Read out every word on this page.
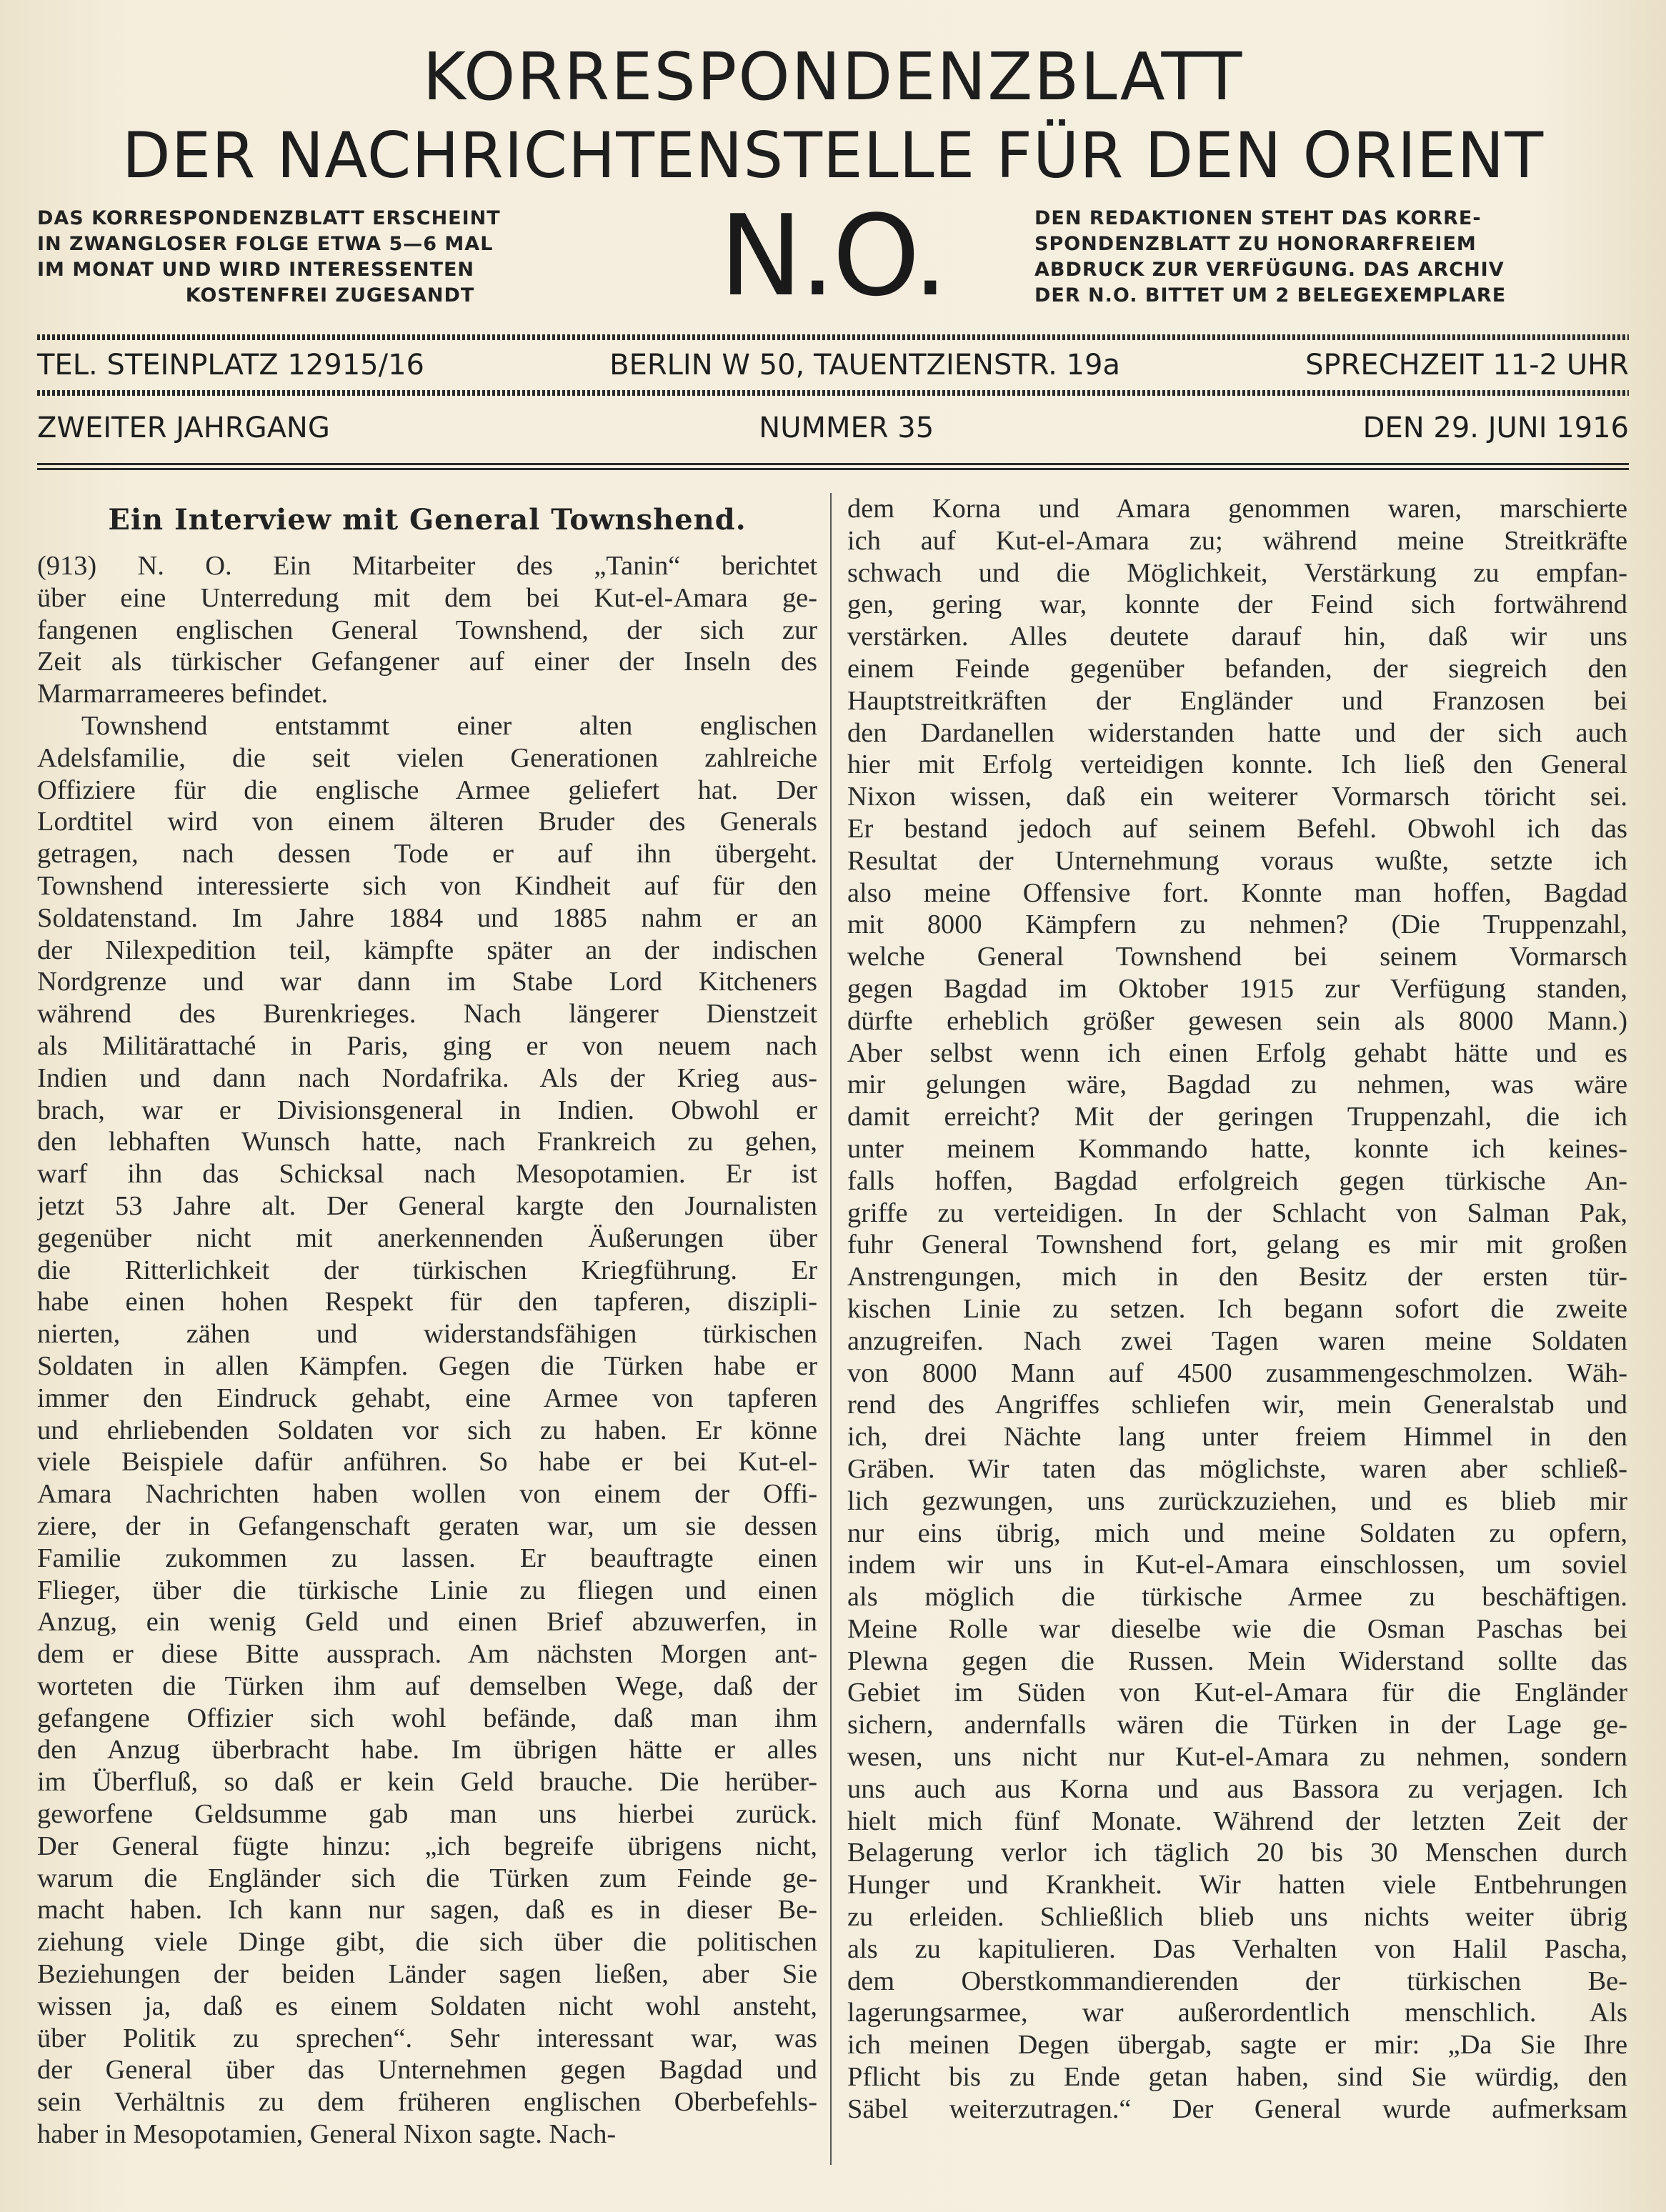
KORRESPONDENZBLATT
DER NACHRICHTENSTELLE FÜR DEN ORIENT
DAS KORRESPONDENZBLATT ERSCHEINT
IN ZWANGLOSER FOLGE ETWA 5—6 MAL
IM MONAT UND WIRD INTERESSENTEN
KOSTENFREI ZUGESANDT	N.O.	DEN REDAKTIONEN STEHT DAS KORRE-
SPONDENZBLATT ZU HONORARFREIEM
ABDRUCK ZUR VERFÜGUNG. DAS ARCHIV
DER N.O. BITTET UM 2 BELEGEXEMPLARE
TEL. STEINPLATZ 12915/16	BERLIN W 50, TAUENTZIENSTR. 19a	SPRECHZEIT 11-2 UHR
ZWEITER JAHRGANG	NUMMER 35	DEN 29. JUNI 1916
Ein Interview mit General Townshend.
(913) N. O. Ein Mitarbeiter des „Tanin“ berichtet
über eine Unterredung mit dem bei Kut-el-Amara ge-
fangenen englischen General Townshend, der sich zur
Zeit als türkischer Gefangener auf einer der Inseln des
Marmarrameeres befindet.
Townshend entstammt einer alten englischen
Adelsfamilie, die seit vielen Generationen zahlreiche
Offiziere für die englische Armee geliefert hat. Der
Lordtitel wird von einem älteren Bruder des Generals
getragen, nach dessen Tode er auf ihn übergeht.
Townshend interessierte sich von Kindheit auf für den
Soldatenstand. Im Jahre 1884 und 1885 nahm er an
der Nilexpedition teil, kämpfte später an der indischen
Nordgrenze und war dann im Stabe Lord Kitcheners
während des Burenkrieges. Nach längerer Dienstzeit
als Militärattaché in Paris, ging er von neuem nach
Indien und dann nach Nordafrika. Als der Krieg aus-
brach, war er Divisionsgeneral in Indien. Obwohl er
den lebhaften Wunsch hatte, nach Frankreich zu gehen,
warf ihn das Schicksal nach Mesopotamien. Er ist
jetzt 53 Jahre alt. Der General kargte den Journalisten
gegenüber nicht mit anerkennenden Äußerungen über
die Ritterlichkeit der türkischen Kriegführung. Er
habe einen hohen Respekt für den tapferen, diszipli-
nierten, zähen und widerstandsfähigen türkischen
Soldaten in allen Kämpfen. Gegen die Türken habe er
immer den Eindruck gehabt, eine Armee von tapferen
und ehrliebenden Soldaten vor sich zu haben. Er könne
viele Beispiele dafür anführen. So habe er bei Kut-el-
Amara Nachrichten haben wollen von einem der Offi-
ziere, der in Gefangenschaft geraten war, um sie dessen
Familie zukommen zu lassen. Er beauftragte einen
Flieger, über die türkische Linie zu fliegen und einen
Anzug, ein wenig Geld und einen Brief abzuwerfen, in
dem er diese Bitte aussprach. Am nächsten Morgen ant-
worteten die Türken ihm auf demselben Wege, daß der
gefangene Offizier sich wohl befände, daß man ihm
den Anzug überbracht habe. Im übrigen hätte er alles
im Überfluß, so daß er kein Geld brauche. Die herüber-
geworfene Geldsumme gab man uns hierbei zurück.
Der General fügte hinzu: „ich begreife übrigens nicht,
warum die Engländer sich die Türken zum Feinde ge-
macht haben. Ich kann nur sagen, daß es in dieser Be-
ziehung viele Dinge gibt, die sich über die politischen
Beziehungen der beiden Länder sagen ließen, aber Sie
wissen ja, daß es einem Soldaten nicht wohl ansteht,
über Politik zu sprechen“. Sehr interessant war, was
der General über das Unternehmen gegen Bagdad und
sein Verhältnis zu dem früheren englischen Oberbefehls-
haber in Mesopotamien, General Nixon sagte. Nach-
dem Korna und Amara genommen waren, marschierte
ich auf Kut-el-Amara zu; während meine Streitkräfte
schwach und die Möglichkeit, Verstärkung zu empfan-
gen, gering war, konnte der Feind sich fortwährend
verstärken. Alles deutete darauf hin, daß wir uns
einem Feinde gegenüber befanden, der siegreich den
Hauptstreitkräften der Engländer und Franzosen bei
den Dardanellen widerstanden hatte und der sich auch
hier mit Erfolg verteidigen konnte. Ich ließ den General
Nixon wissen, daß ein weiterer Vormarsch töricht sei.
Er bestand jedoch auf seinem Befehl. Obwohl ich das
Resultat der Unternehmung voraus wußte, setzte ich
also meine Offensive fort. Konnte man hoffen, Bagdad
mit 8000 Kämpfern zu nehmen? (Die Truppenzahl,
welche General Townshend bei seinem Vormarsch
gegen Bagdad im Oktober 1915 zur Verfügung standen,
dürfte erheblich größer gewesen sein als 8000 Mann.)
Aber selbst wenn ich einen Erfolg gehabt hätte und es
mir gelungen wäre, Bagdad zu nehmen, was wäre
damit erreicht? Mit der geringen Truppenzahl, die ich
unter meinem Kommando hatte, konnte ich keines-
falls hoffen, Bagdad erfolgreich gegen türkische An-
griffe zu verteidigen. In der Schlacht von Salman Pak,
fuhr General Townshend fort, gelang es mir mit großen
Anstrengungen, mich in den Besitz der ersten tür-
kischen Linie zu setzen. Ich begann sofort die zweite
anzugreifen. Nach zwei Tagen waren meine Soldaten
von 8000 Mann auf 4500 zusammengeschmolzen. Wäh-
rend des Angriffes schliefen wir, mein Generalstab und
ich, drei Nächte lang unter freiem Himmel in den
Gräben. Wir taten das möglichste, waren aber schließ-
lich gezwungen, uns zurückzuziehen, und es blieb mir
nur eins übrig, mich und meine Soldaten zu opfern,
indem wir uns in Kut-el-Amara einschlossen, um soviel
als möglich die türkische Armee zu beschäftigen.
Meine Rolle war dieselbe wie die Osman Paschas bei
Plewna gegen die Russen. Mein Widerstand sollte das
Gebiet im Süden von Kut-el-Amara für die Engländer
sichern, andernfalls wären die Türken in der Lage ge-
wesen, uns nicht nur Kut-el-Amara zu nehmen, sondern
uns auch aus Korna und aus Bassora zu verjagen. Ich
hielt mich fünf Monate. Während der letzten Zeit der
Belagerung verlor ich täglich 20 bis 30 Menschen durch
Hunger und Krankheit. Wir hatten viele Entbehrungen
zu erleiden. Schließlich blieb uns nichts weiter übrig
als zu kapitulieren. Das Verhalten von Halil Pascha,
dem Oberstkommandierenden der türkischen Be-
lagerungsarmee, war außerordentlich menschlich. Als
ich meinen Degen übergab, sagte er mir: „Da Sie Ihre
Pflicht bis zu Ende getan haben, sind Sie würdig, den
Säbel weiterzutragen.“ Der General wurde aufmerksam
